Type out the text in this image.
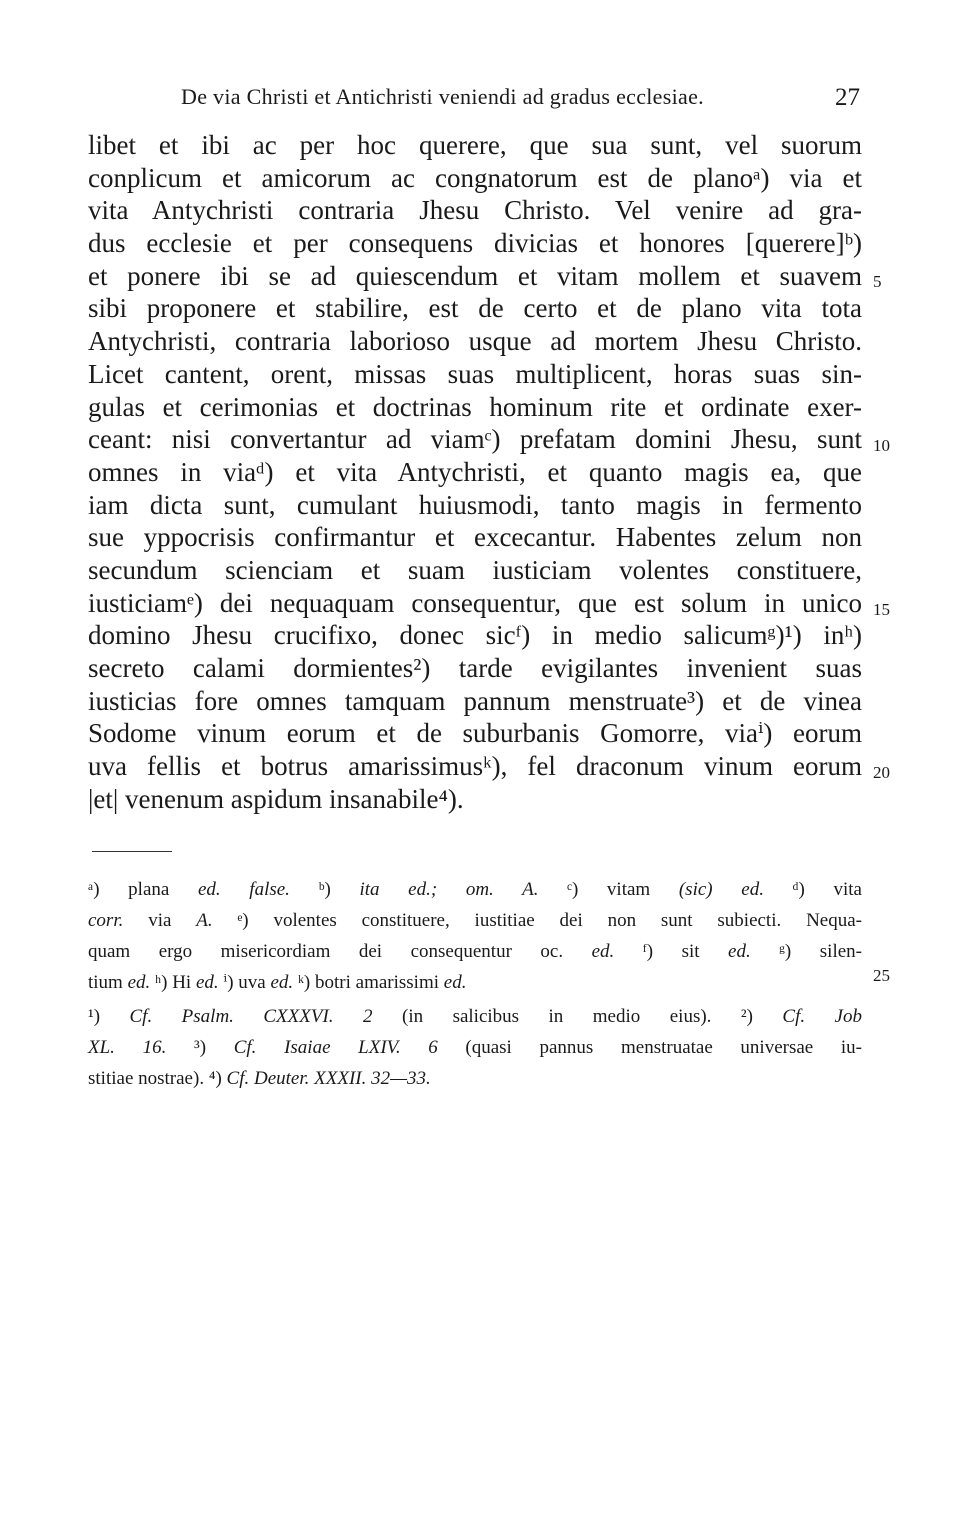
De via Christi et Antichristi veniendi ad gradus ecclesiae.	27
libet et ibi ac per hoc querere, que sua sunt, vel suorum
conplicum et amicorum ac congnatorum est de planoᵃ) via et
vita Antychristi contraria Jhesu Christo. Vel venire ad gra-
dus ecclesie et per consequens divicias et honores [querere]ᵇ)
et ponere ibi se ad quiescendum et vitam mollem et suavem
sibi proponere et stabilire, est de certo et de plano vita tota
Antychristi, contraria laborioso usque ad mortem Jhesu Christo.
Licet cantent, orent, missas suas multiplicent, horas suas sin-
gulas et cerimonias et doctrinas hominum rite et ordinate exer-
ceant: nisi convertantur ad viamᶜ) prefatam domini Jhesu, sunt
omnes in viaᵈ) et vita Antychristi, et quanto magis ea, que
iam dicta sunt, cumulant huiusmodi, tanto magis in fermento
sue yppocrisis confirmantur et excecantur. Habentes zelum non
secundum scienciam et suam iusticiam volentes constituere,
iusticiamᵉ) dei nequaquam consequentur, que est solum in unico
domino Jhesu crucifixo, donec sicᶠ) in medio salicumᵍ)¹) inʰ)
secreto calami dormientes²) tarde evigilantes invenient suas
iusticias fore omnes tamquam pannum menstruate³) et de vinea
Sodome vinum eorum et de suburbanis Gomorre, viaⁱ) eorum
uva fellis et botrus amarissimusᵏ), fel draconum vinum eorum
|et| venenum aspidum insanabile⁴).
5
10
15
20
ᵃ) plana ed. false. ᵇ) ita ed.; om. A. ᶜ) vitam (sic) ed. ᵈ) vita
corr. via A. ᵉ) volentes constituere, iustitiae dei non sunt subiecti. Nequa-
quam ergo misericordiam dei consequentur oc. ed. ᶠ) sit ed. ᵍ) silen-
tium ed. ʰ) Hi ed. ⁱ) uva ed. ᵏ) botri amarissimi ed.	25
¹) Cf. Psalm. CXXXVI. 2 (in salicibus in medio eius). ²) Cf. Job
XL. 16. ³) Cf. Isaiae LXIV. 6 (quasi pannus menstruatae universae iu-
stitiae nostrae). ⁴) Cf. Deuter. XXXII. 32—33.
